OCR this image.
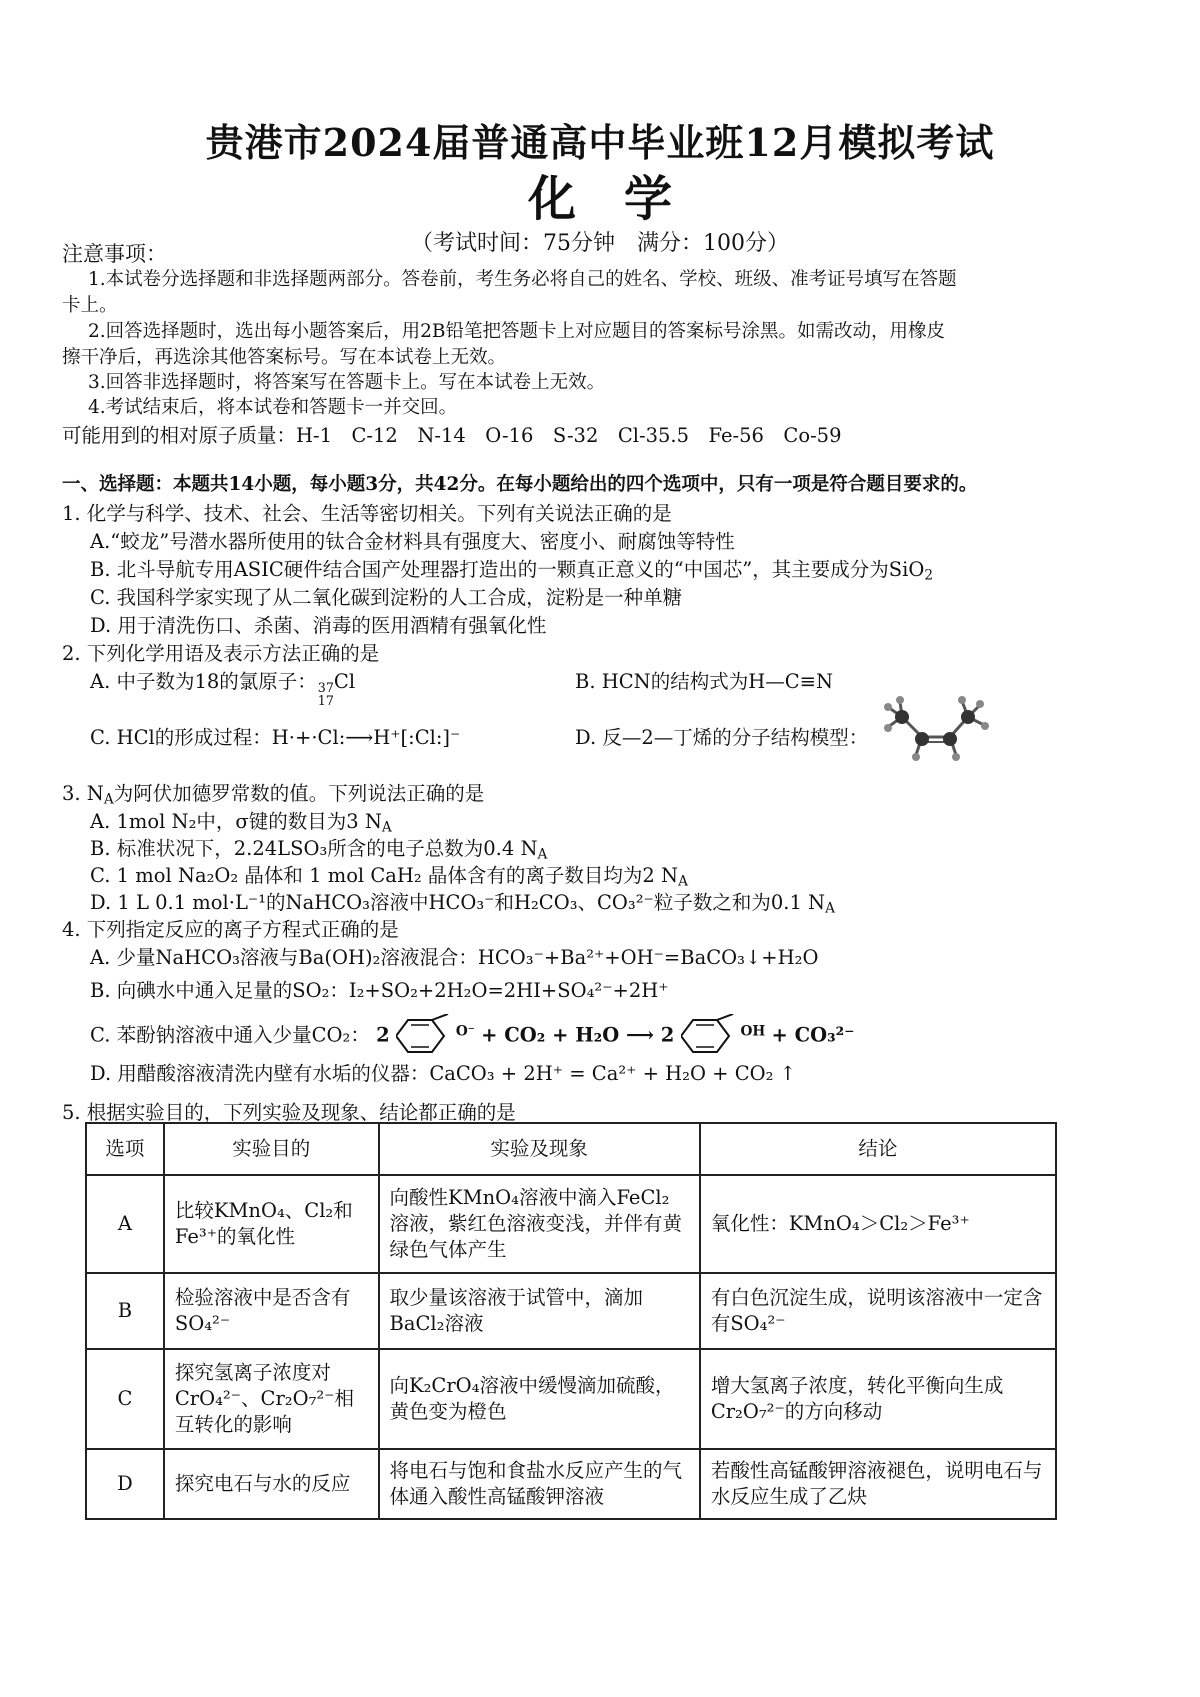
贵港市2024届普通高中毕业班12月模拟考试
化学
（考试时间：75分钟　满分：100分）
注意事项：
1.本试卷分选择题和非选择题两部分。答卷前，考生务必将自己的姓名、学校、班级、准考证号填写在答题
卡上。
2.回答选择题时，选出每小题答案后，用2B铅笔把答题卡上对应题目的答案标号涂黑。如需改动，用橡皮
擦干净后，再选涂其他答案标号。写在本试卷上无效。
3.回答非选择题时，将答案写在答题卡上。写在本试卷上无效。
4.考试结束后，将本试卷和答题卡一并交回。
可能用到的相对原子质量：H-1　C-12　N-14　O-16　S-32　Cl-35.5　Fe-56　Co-59
一、选择题：本题共14小题，每小题3分，共42分。在每小题给出的四个选项中，只有一项是符合题目要求的。
1. 化学与科学、技术、社会、生活等密切相关。下列有关说法正确的是
A.“蛟龙”号潜水器所使用的钛合金材料具有强度大、密度小、耐腐蚀等特性
B. 北斗导航专用ASIC硬件结合国产处理器打造出的一颗真正意义的“中国芯”，其主要成分为SiO$_2$
C. 我国科学家实现了从二氧化碳到淀粉的人工合成，淀粉是一种单糖
D. 用于清洗伤口、杀菌、消毒的医用酒精有强氧化性
2. 下列化学用语及表示方法正确的是
A. 中子数为18的氯原子： 37
17
Cl	B. HCN的结构式为H—C≡N
C. HCl的形成过程：H·+·Cl:⟶H⁺[:Cl:]⁻	D. 反—2—丁烯的分子结构模型：
3. $N_A$为阿伏加德罗常数的值。下列说法正确的是
A. 1mol N₂中，σ键的数目为3 $N_A$
B. 标准状况下，2.24LSO₃所含的电子总数为0.4 $N_A$
C. 1 mol Na₂O₂ 晶体和 1 mol CaH₂ 晶体含有的离子数目均为2 $N_A$
D. 1 L 0.1 mol·L⁻¹的NaHCO₃溶液中HCO₃⁻和H₂CO₃、CO₃²⁻粒子数之和为0.1 $N_A$
4. 下列指定反应的离子方程式正确的是
A. 少量NaHCO₃溶液与Ba(OH)₂溶液混合：HCO₃⁻+Ba²⁺+OH⁻=BaCO₃↓+H₂O
B. 向碘水中通入足量的SO₂：I₂+SO₂+2H₂O=2HI+SO₄²⁻+2H⁺
C. 苯酚钠溶液中通入少量CO₂： 2	$^{O^-}$ + CO₂ + H₂O ⟶ 2	$^{OH}$ + CO₃²⁻
D. 用醋酸溶液清洗内壁有水垢的仪器：CaCO₃ + 2H⁺ = Ca²⁺ + H₂O + CO₂ ↑
5. 根据实验目的，下列实验及现象、结论都正确的是
选项	实验目的	实验及现象	结论
A	比较KMnO₄、Cl₂和Fe³⁺的氧化性	向酸性KMnO₄溶液中滴入FeCl₂溶液，紫红色溶液变浅，并伴有黄绿色气体产生	氧化性：KMnO₄＞Cl₂＞Fe³⁺
B	检验溶液中是否含有SO₄²⁻	取少量该溶液于试管中，滴加BaCl₂溶液	有白色沉淀生成，说明该溶液中一定含有SO₄²⁻
C	探究氢离子浓度对CrO₄²⁻、Cr₂O₇²⁻相互转化的影响	向K₂CrO₄溶液中缓慢滴加硫酸，黄色变为橙色	增大氢离子浓度，转化平衡向生成Cr₂O₇²⁻的方向移动
D	探究电石与水的反应	将电石与饱和食盐水反应产生的气体通入酸性高锰酸钾溶液	若酸性高锰酸钾溶液褪色，说明电石与水反应生成了乙炔
